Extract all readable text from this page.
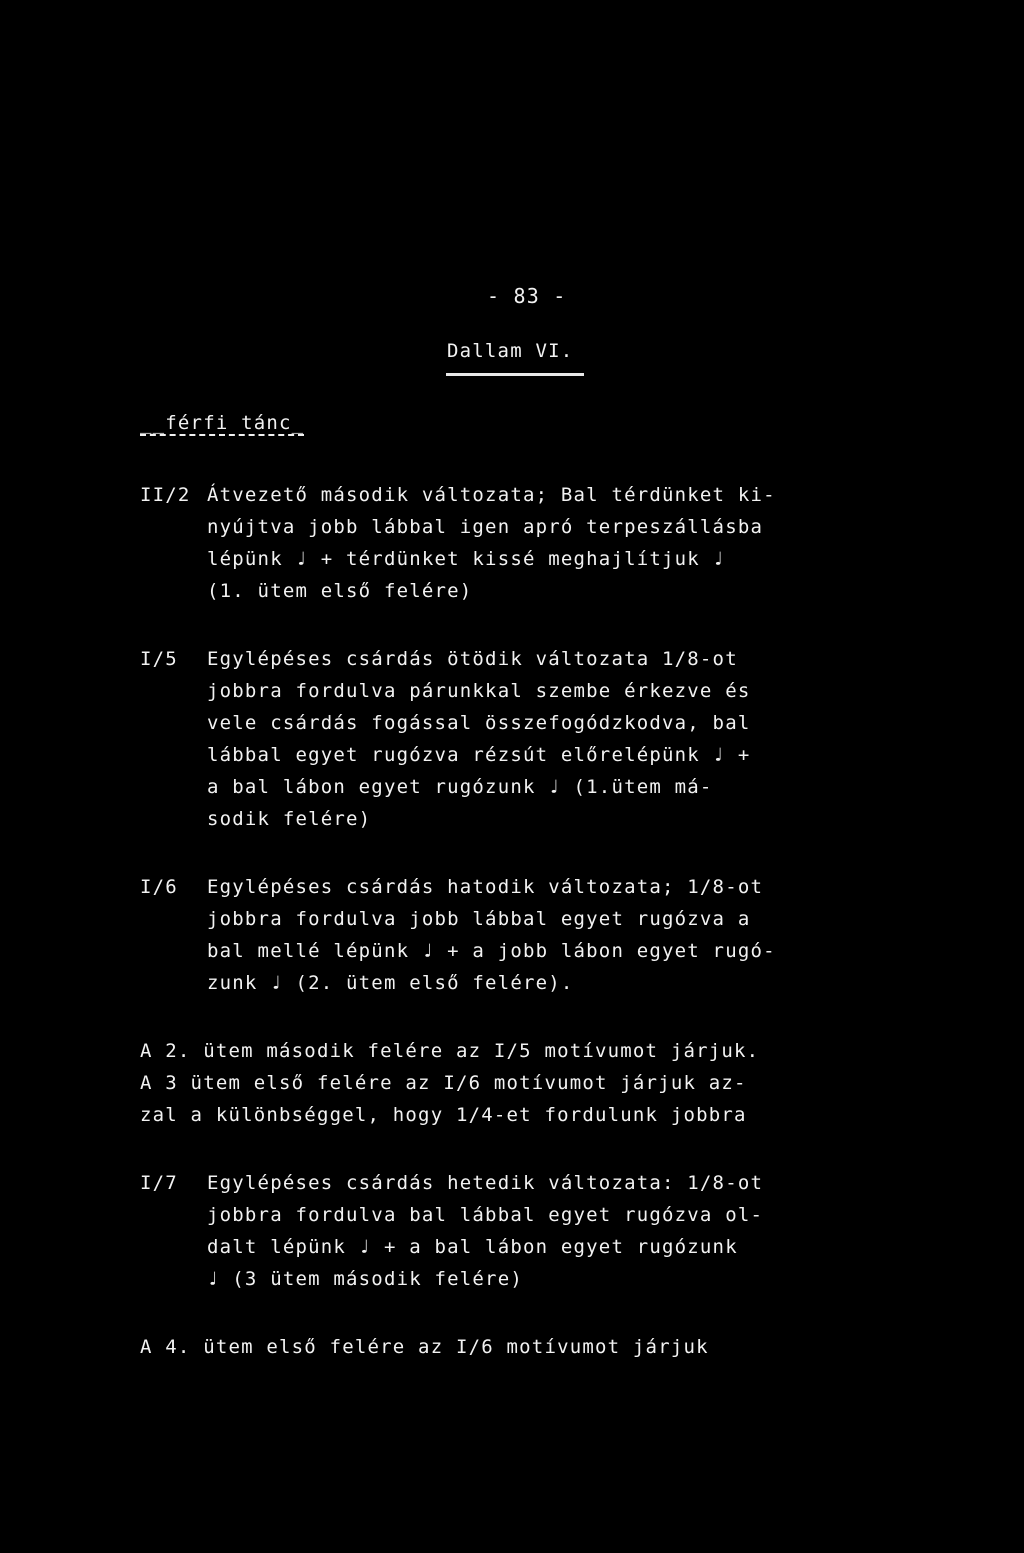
- 83 -
Dallam VI.
__férfi tánc_
II/2 Átvezető második változata; Bal térdünket ki-
nyújtva jobb lábbal igen apró terpeszállásba
lépünk ♩ + térdünket kissé meghajlítjuk ♩
(1. ütem első felére)
I/5 Egylépéses csárdás ötödik változata 1/8-ot
jobbra fordulva párunkkal szembe érkezve és
vele csárdás fogással összefogódzkodva, bal
lábbal egyet rugózva rézsút előrelépünk ♩ +
a bal lábon egyet rugózunk ♩ (1.ütem má-
sodik felére)
I/6 Egylépéses csárdás hatodik változata; 1/8-ot
jobbra fordulva jobb lábbal egyet rugózva a
bal mellé lépünk ♩ + a jobb lábon egyet rugó-
zunk ♩ (2. ütem első felére).
A 2. ütem második felére az I/5 motívumot járjuk.
A 3 ütem első felére az I/6 motívumot járjuk az-
zal a különbséggel, hogy 1/4-et fordulunk jobbra
I/7 Egylépéses csárdás hetedik változata: 1/8-ot
jobbra fordulva bal lábbal egyet rugózva ol-
dalt lépünk ♩ + a bal lábon egyet rugózunk
♩ (3 ütem második felére)
A 4. ütem első felére az I/6 motívumot járjuk
